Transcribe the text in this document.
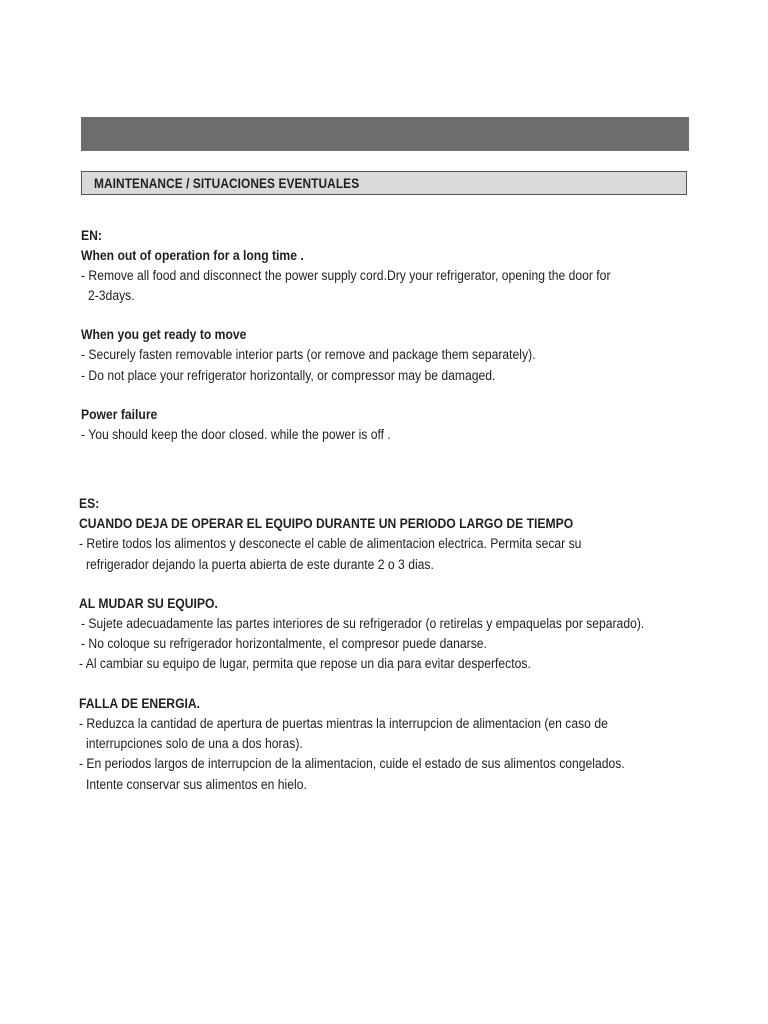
MAINTENANCE / SITUACIONES EVENTUALES
EN:
When out of operation for a long time .
- Remove all food and disconnect the power supply cord.Dry your refrigerator, opening the door for
2-3days.
When you get ready to move
- Securely fasten removable interior parts (or remove and package them separately).
- Do not place your refrigerator horizontally, or compressor may be damaged.
Power failure
- You should keep the door closed. while the power is off .
ES:
CUANDO DEJA DE OPERAR EL EQUIPO DURANTE UN PERIODO LARGO DE TIEMPO
- Retire todos los alimentos y desconecte el cable de alimentacion electrica. Permita secar su
refrigerador dejando la puerta abierta de este durante 2 o 3 dias.
AL MUDAR SU EQUIPO.
- Sujete adecuadamente las partes interiores de su refrigerador (o retirelas y empaquelas por separado).
- No coloque su refrigerador horizontalmente, el compresor puede danarse.
- Al cambiar su equipo de lugar, permita que repose un dia para evitar desperfectos.
FALLA DE ENERGIA.
- Reduzca la cantidad de apertura de puertas mientras la interrupcion de alimentacion (en caso de
interrupciones solo de una a dos horas).
- En periodos largos de interrupcion de la alimentacion, cuide el estado de sus alimentos congelados.
Intente conservar sus alimentos en hielo.
